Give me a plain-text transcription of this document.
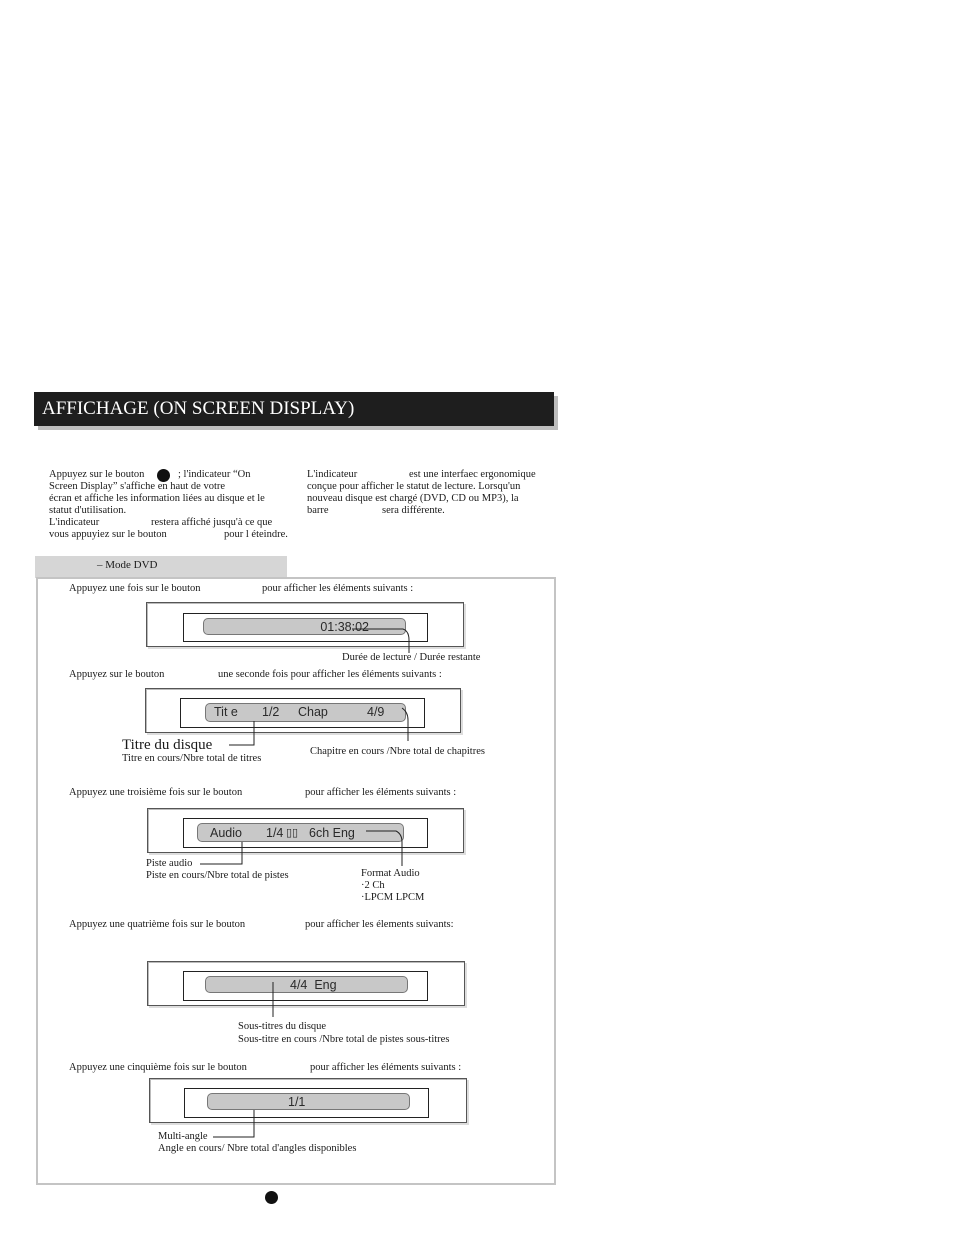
AFFICHAGE (ON SCREEN DISPLAY)
Appuyez sur le bouton	; l'indicateur “On
Screen Display” s'affiche en haut de votre
écran et affiche les information liées au disque et le
statut d'utilisation.
L'indicateur	restera affiché jusqu'à ce que
vous appuyiez sur le bouton	pour l éteindre.
L'indicateur	est une interfaec ergonomique
conçue pour afficher le statut de lecture. Lorsqu'un
nouveau disque est chargé (DVD, CD ou MP3), la
barre	sera différente.
– Mode DVD
Appuyez une fois sur le bouton	pour afficher les éléments suivants :
01:38:02
Durée de lecture / Durée restante
Appuyez sur le bouton	une seconde fois pour afficher les éléments suivants :
Tit e 1/2 Chap	4/9
Titre du disque
Titre en cours/Nbre total de titres
Chapitre en cours /Nbre total de chapitres
Appuyez une troisième fois sur le bouton	pour afficher les éléments suivants :
Audio 1/4 ▯▯ 6ch Eng
Piste audio
Piste en cours/Nbre total de pistes	Format Audio
·2 Ch
·LPCM LPCM
Appuyez une quatrième fois sur le bouton	pour afficher les élements suivants:
4/4  Eng
Sous-titres du disque
Sous-titre en cours /Nbre total de pistes sous-titres
Appuyez une cinquième fois sur le bouton	pour afficher les éléments suivants :
1/1
Multi-angle
Angle en cours/ Nbre total d'angles disponibles
